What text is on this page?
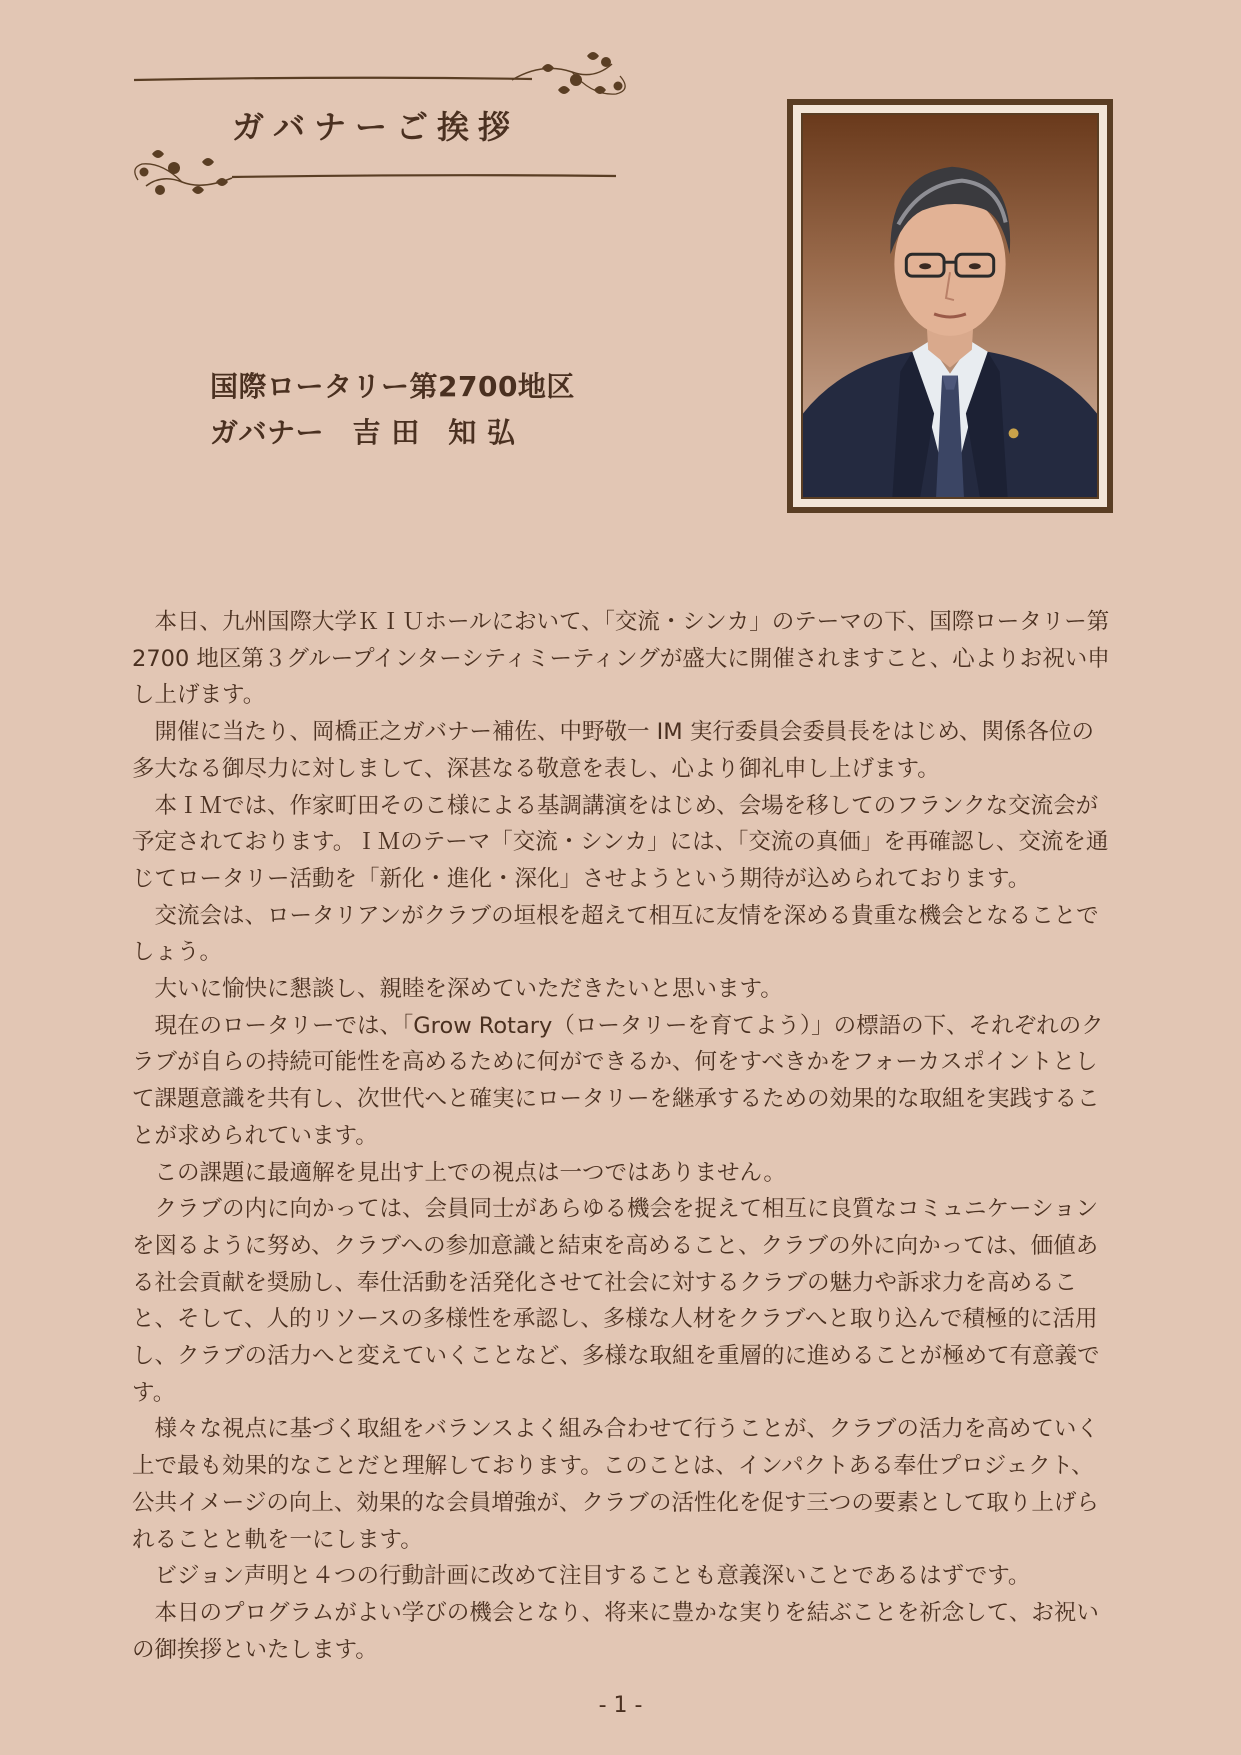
ガバナーご挨拶
国際ロータリー第2700地区
ガバナー　吉 田　知 弘

本日、九州国際大学ＫＩＵホールにおいて、「交流・シンカ」のテーマの下、国際ロータリー第 2700 地区第３グループインターシティミーティングが盛大に開催されますこと、心よりお祝い申し上げます。

開催に当たり、岡橋正之ガバナー補佐、中野敬一 IM 実行委員会委員長をはじめ、関係各位の多大なる御尽力に対しまして、深甚なる敬意を表し、心より御礼申し上げます。

本ＩＭでは、作家町田そのこ様による基調講演をはじめ、会場を移してのフランクな交流会が予定されております。ＩＭのテーマ「交流・シンカ」には、「交流の真価」を再確認し、交流を通じてロータリー活動を「新化・進化・深化」させようという期待が込められております。

交流会は、ロータリアンがクラブの垣根を超えて相互に友情を深める貴重な機会となることでしょう。

大いに愉快に懇談し、親睦を深めていただきたいと思います。

現在のロータリーでは、「Grow Rotary（ロータリーを育てよう）」の標語の下、それぞれのクラブが自らの持続可能性を高めるために何ができるか、何をすべきかをフォーカスポイントとして課題意識を共有し、次世代へと確実にロータリーを継承するための効果的な取組を実践することが求められています。

この課題に最適解を見出す上での視点は一つではありません。

クラブの内に向かっては、会員同士があらゆる機会を捉えて相互に良質なコミュニケーションを図るように努め、クラブへの参加意識と結束を高めること、クラブの外に向かっては、価値ある社会貢献を奨励し、奉仕活動を活発化させて社会に対するクラブの魅力や訴求力を高めること、そして、人的リソースの多様性を承認し、多様な人材をクラブへと取り込んで積極的に活用し、クラブの活力へと変えていくことなど、多様な取組を重層的に進めることが極めて有意義です。

様々な視点に基づく取組をバランスよく組み合わせて行うことが、クラブの活力を高めていく上で最も効果的なことだと理解しております。このことは、インパクトある奉仕プロジェクト、公共イメージの向上、効果的な会員増強が、クラブの活性化を促す三つの要素として取り上げられることと軌を一にします。

ビジョン声明と４つの行動計画に改めて注目することも意義深いことであるはずです。

本日のプログラムがよい学びの機会となり、将来に豊かな実りを結ぶことを祈念して、お祝いの御挨拶といたします。

- 1 -
